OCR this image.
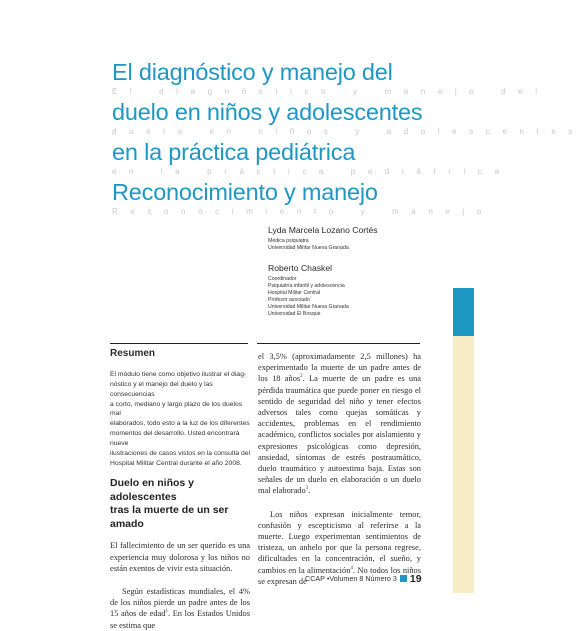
El diagnóstico y manejo del
El diagnóstico y manejo del
duelo en niños y adolescentes
duelo en niños y adolescentes
en la práctica pediátrica
en la práctica pediátrica
Reconocimiento y manejo
Reconocimiento y manejo
Lyda Marcela Lozano Cortés
Médica psiquiatra
Universidad Militar Nueva Granada
Roberto Chaskel
Coordinador
Psiquiatría infantil y adolescencia
Hospital Militar Central
Profesor asociado
Universidad Militar Nueva Granada
Universidad El Bosque
Resumen
El módulo tiene como objetivo ilustrar el diag-
nóstico y el manejo del duelo y las consecuencias
a corto, mediano y largo plazo de los duelos mal
elaborados, todo esto a la luz de los diferentes
momentos del desarrollo. Usted encontrará nueve
ilustraciones de casos vistos en la consulta del
Hospital Militar Central durante el año 2008.
Duelo en niños y adolescentes
tras la muerte de un ser amado

El fallecimiento de un ser querido es una experiencia muy dolorosa y los niños no están exentos de vivir esta situación.

Según estadísticas mundiales, el 4% de los niños pierde un padre antes de los 15 años de edad$^1$. En los Estados Unidos se estima que

el 3,5% (aproximadamente 2,5 millones) ha experimentado la muerte de un padre antes de los 18 años$^2$. La muerte de un padre es una pérdida traumática que puede poner en riesgo el sentido de seguridad del niño y tener efectos adversos tales como quejas somáticas y accidentes, problemas en el rendimiento académico, conflictos sociales por aislamiento y expresiones psicológicas como depresión, ansiedad, síntomas de estrés postraumático, duelo traumático y autoestima baja. Estas son señales de un duelo en elaboración o un duelo mal elaborado$^3$.

Los niños expresan inicialmente temor, confusión y escepticismo al referirse a la muerte. Luego experimentan sentimientos de tristeza, un anhelo por que la persona regrese, dificultades en la concentración, el sueño, y cambios en la alimentación$^4$. No todos los niños se expresan de

CCAP •Volumen 8 Número 3 19
